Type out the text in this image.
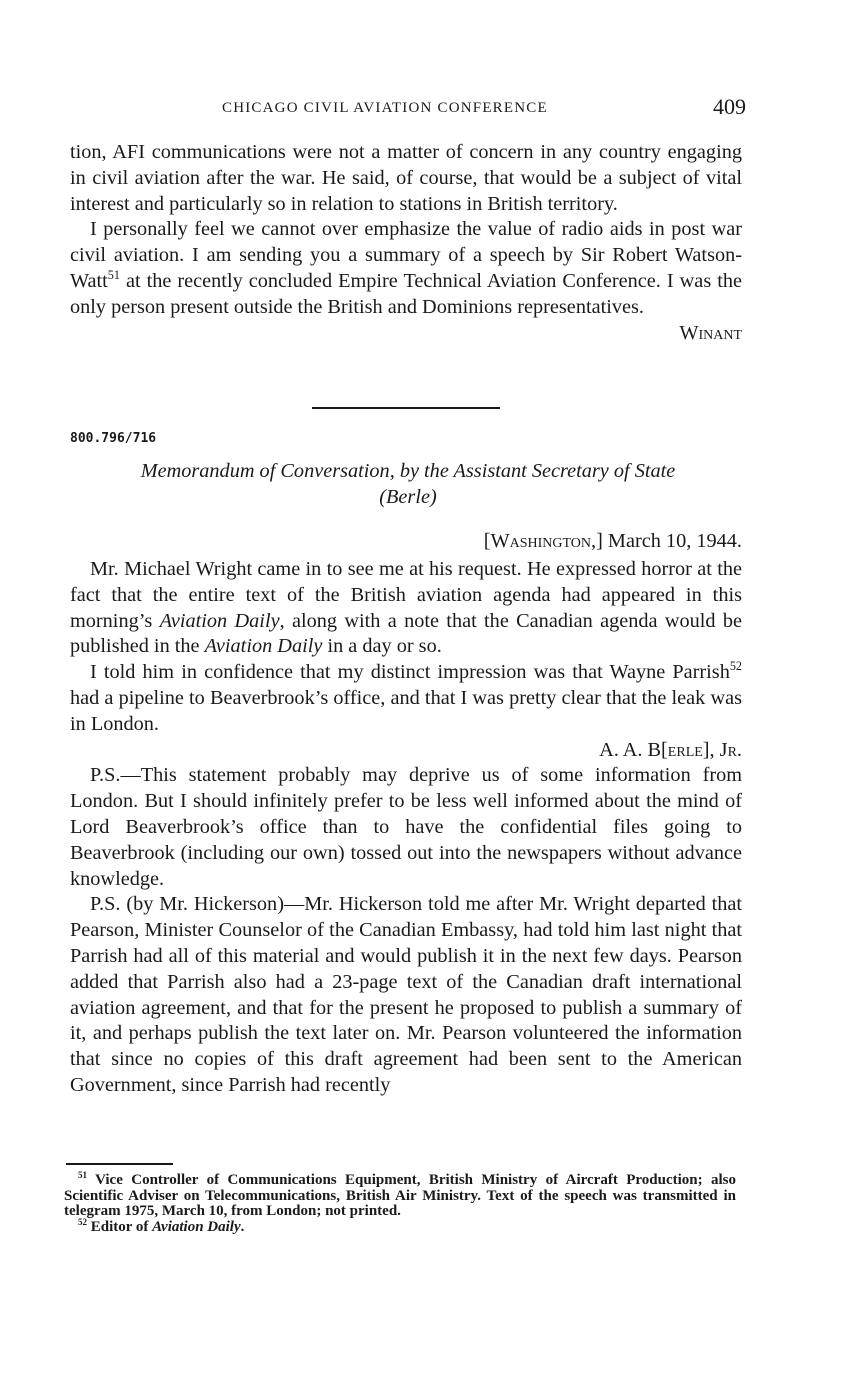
CHICAGO CIVIL AVIATION CONFERENCE	409

tion, AFI communications were not a matter of concern in any country engaging in civil aviation after the war. He said, of course, that would be a subject of vital interest and particularly so in relation to stations in British territory.

I personally feel we cannot over emphasize the value of radio aids in post war civil aviation. I am sending you a summary of a speech by Sir Robert Watson-Watt$^{51}$ at the recently concluded Empire Technical Aviation Conference. I was the only person present outside the British and Dominions representatives.

Winant

800.796/716
Memorandum of Conversation, by the Assistant Secretary of State
(Berle)
[Washington,] March 10, 1944.

Mr. Michael Wright came in to see me at his request. He expressed horror at the fact that the entire text of the British aviation agenda had appeared in this morning’s Aviation Daily, along with a note that the Canadian agenda would be published in the Aviation Daily in a day or so.

I told him in confidence that my distinct impression was that Wayne Parrish$^{52}$ had a pipeline to Beaverbrook’s office, and that I was pretty clear that the leak was in London.

A. A. B[erle], Jr.

P.S.—This statement probably may deprive us of some information from London. But I should infinitely prefer to be less well informed about the mind of Lord Beaverbrook’s office than to have the confidential files going to Beaverbrook (including our own) tossed out into the newspapers without advance knowledge.

P.S. (by Mr. Hickerson)—Mr. Hickerson told me after Mr. Wright departed that Pearson, Minister Counselor of the Canadian Embassy, had told him last night that Parrish had all of this material and would publish it in the next few days. Pearson added that Parrish also had a 23-page text of the Canadian draft international aviation agreement, and that for the present he proposed to publish a summary of it, and perhaps publish the text later on. Mr. Pearson volunteered the information that since no copies of this draft agreement had been sent to the American Government, since Parrish had recently

$^{51}$ Vice Controller of Communications Equipment, British Ministry of Aircraft Production; also Scientific Adviser on Telecommunications, British Air Ministry. Text of the speech was transmitted in telegram 1975, March 10, from London; not printed.

$^{52}$ Editor of Aviation Daily.
